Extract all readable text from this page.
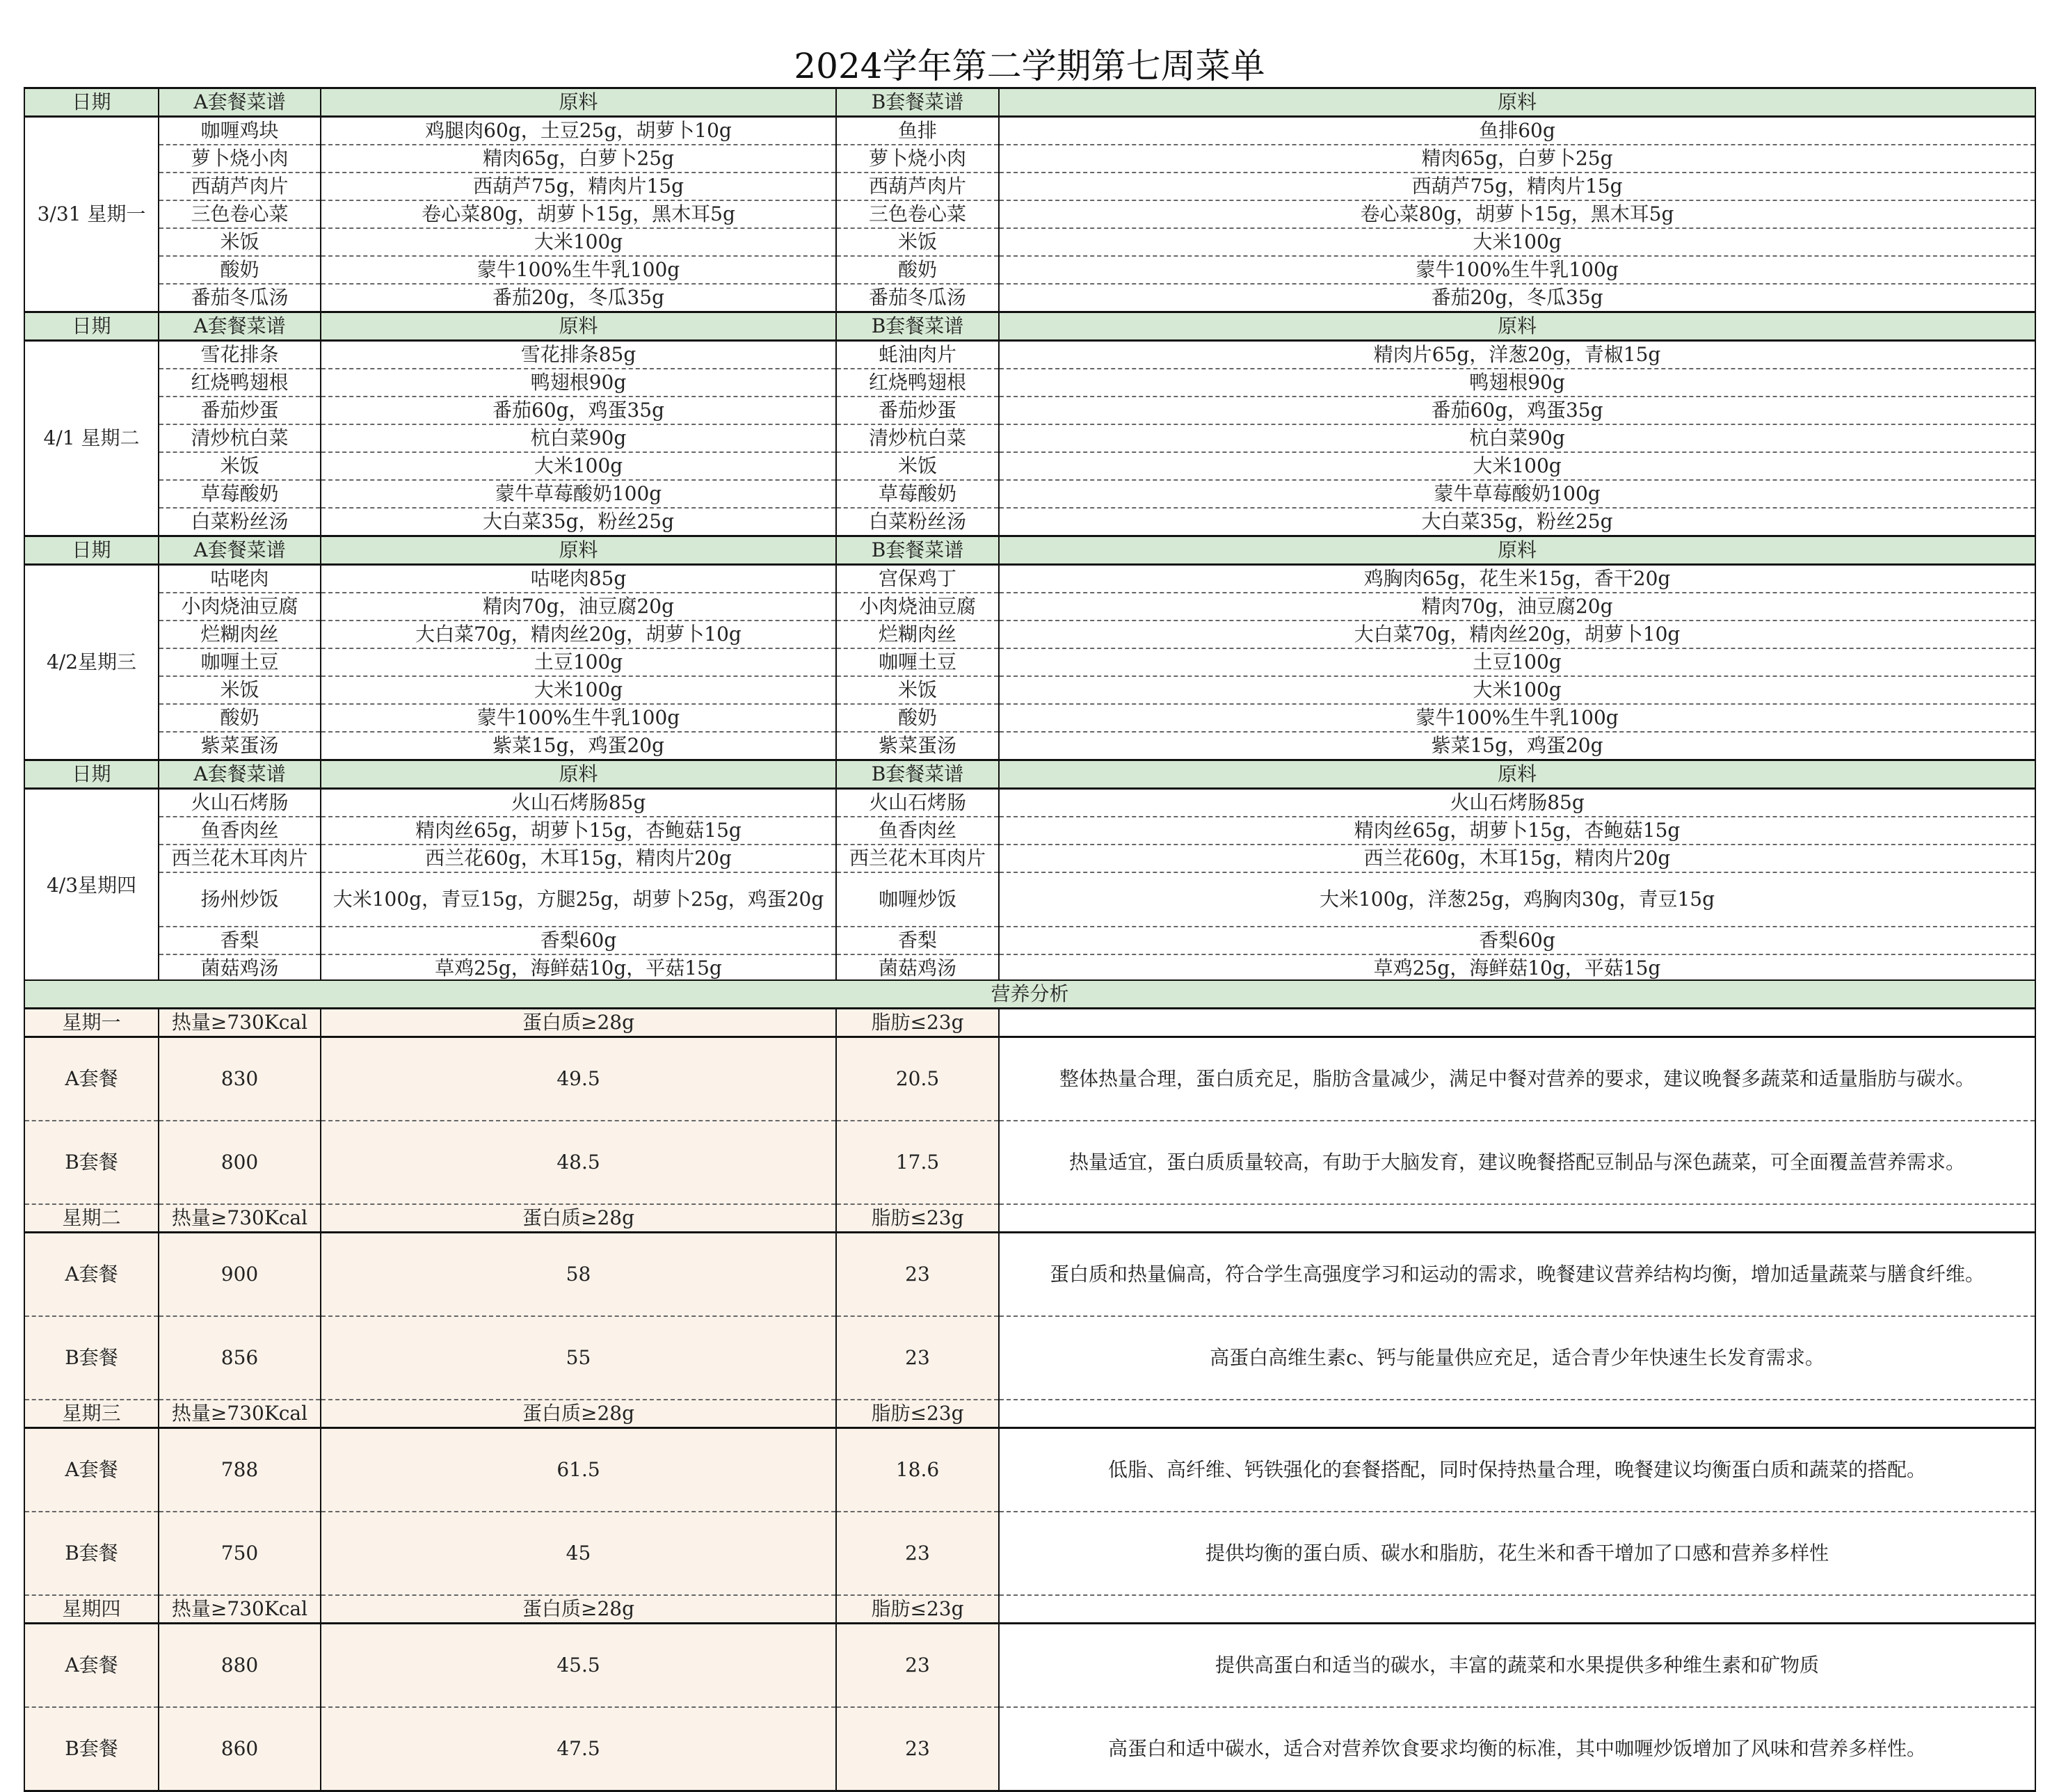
2024学年第二学期第七周菜单
日期	A套餐菜谱	原料	B套餐菜谱	原料
3/31 星期一	咖喱鸡块	鸡腿肉60g，土豆25g，胡萝卜10g	鱼排	鱼排60g
	萝卜烧小肉	精肉65g，白萝卜25g	萝卜烧小肉	精肉65g，白萝卜25g
	西葫芦肉片	西葫芦75g，精肉片15g	西葫芦肉片	西葫芦75g，精肉片15g
	三色卷心菜	卷心菜80g，胡萝卜15g，黑木耳5g	三色卷心菜	卷心菜80g，胡萝卜15g，黑木耳5g
	米饭	大米100g	米饭	大米100g
	酸奶	蒙牛100%生牛乳100g	酸奶	蒙牛100%生牛乳100g
	番茄冬瓜汤	番茄20g，冬瓜35g	番茄冬瓜汤	番茄20g，冬瓜35g
日期	A套餐菜谱	原料	B套餐菜谱	原料
4/1 星期二	雪花排条	雪花排条85g	蚝油肉片	精肉片65g，洋葱20g，青椒15g
	红烧鸭翅根	鸭翅根90g	红烧鸭翅根	鸭翅根90g
	番茄炒蛋	番茄60g，鸡蛋35g	番茄炒蛋	番茄60g，鸡蛋35g
	清炒杭白菜	杭白菜90g	清炒杭白菜	杭白菜90g
	米饭	大米100g	米饭	大米100g
	草莓酸奶	蒙牛草莓酸奶100g	草莓酸奶	蒙牛草莓酸奶100g
	白菜粉丝汤	大白菜35g，粉丝25g	白菜粉丝汤	大白菜35g，粉丝25g
日期	A套餐菜谱	原料	B套餐菜谱	原料
4/2星期三	咕咾肉	咕咾肉85g	宫保鸡丁	鸡胸肉65g，花生米15g，香干20g
	小肉烧油豆腐	精肉70g，油豆腐20g	小肉烧油豆腐	精肉70g，油豆腐20g
	烂糊肉丝	大白菜70g，精肉丝20g，胡萝卜10g	烂糊肉丝	大白菜70g，精肉丝20g，胡萝卜10g
	咖喱土豆	土豆100g	咖喱土豆	土豆100g
	米饭	大米100g	米饭	大米100g
	酸奶	蒙牛100%生牛乳100g	酸奶	蒙牛100%生牛乳100g
	紫菜蛋汤	紫菜15g，鸡蛋20g	紫菜蛋汤	紫菜15g，鸡蛋20g
日期	A套餐菜谱	原料	B套餐菜谱	原料
4/3星期四	火山石烤肠	火山石烤肠85g	火山石烤肠	火山石烤肠85g
	鱼香肉丝	精肉丝65g，胡萝卜15g，杏鲍菇15g	鱼香肉丝	精肉丝65g，胡萝卜15g，杏鲍菇15g
	西兰花木耳肉片	西兰花60g，木耳15g，精肉片20g	西兰花木耳肉片	西兰花60g，木耳15g，精肉片20g
	扬州炒饭	大米100g，青豆15g，方腿25g，胡萝卜25g，鸡蛋20g	咖喱炒饭	大米100g，洋葱25g，鸡胸肉30g，青豆15g
	香梨	香梨60g	香梨	香梨60g
	菌菇鸡汤	草鸡25g，海鲜菇10g，平菇15g	菌菇鸡汤	草鸡25g，海鲜菇10g，平菇15g
营养分析				
星期一	热量≥730Kcal	蛋白质≥28g	脂肪≤23g	
A套餐	830	49.5	20.5	整体热量合理，蛋白质充足，脂肪含量减少，满足中餐对营养的要求，建议晚餐多蔬菜和适量脂肪与碳水。
B套餐	800	48.5	17.5	热量适宜，蛋白质质量较高，有助于大脑发育，建议晚餐搭配豆制品与深色蔬菜，可全面覆盖营养需求。
星期二	热量≥730Kcal	蛋白质≥28g	脂肪≤23g	
A套餐	900	58	23	蛋白质和热量偏高，符合学生高强度学习和运动的需求，晚餐建议营养结构均衡，增加适量蔬菜与膳食纤维。
B套餐	856	55	23	高蛋白高维生素c、钙与能量供应充足，适合青少年快速生长发育需求。
星期三	热量≥730Kcal	蛋白质≥28g	脂肪≤23g	
A套餐	788	61.5	18.6	低脂、高纤维、钙铁强化的套餐搭配，同时保持热量合理，晚餐建议均衡蛋白质和蔬菜的搭配。
B套餐	750	45	23	提供均衡的蛋白质、碳水和脂肪，花生米和香干增加了口感和营养多样性
星期四	热量≥730Kcal	蛋白质≥28g	脂肪≤23g	
A套餐	880	45.5	23	提供高蛋白和适当的碳水，丰富的蔬菜和水果提供多种维生素和矿物质
B套餐	860	47.5	23	高蛋白和适中碳水，适合对营养饮食要求均衡的标准，其中咖喱炒饭增加了风味和营养多样性。
